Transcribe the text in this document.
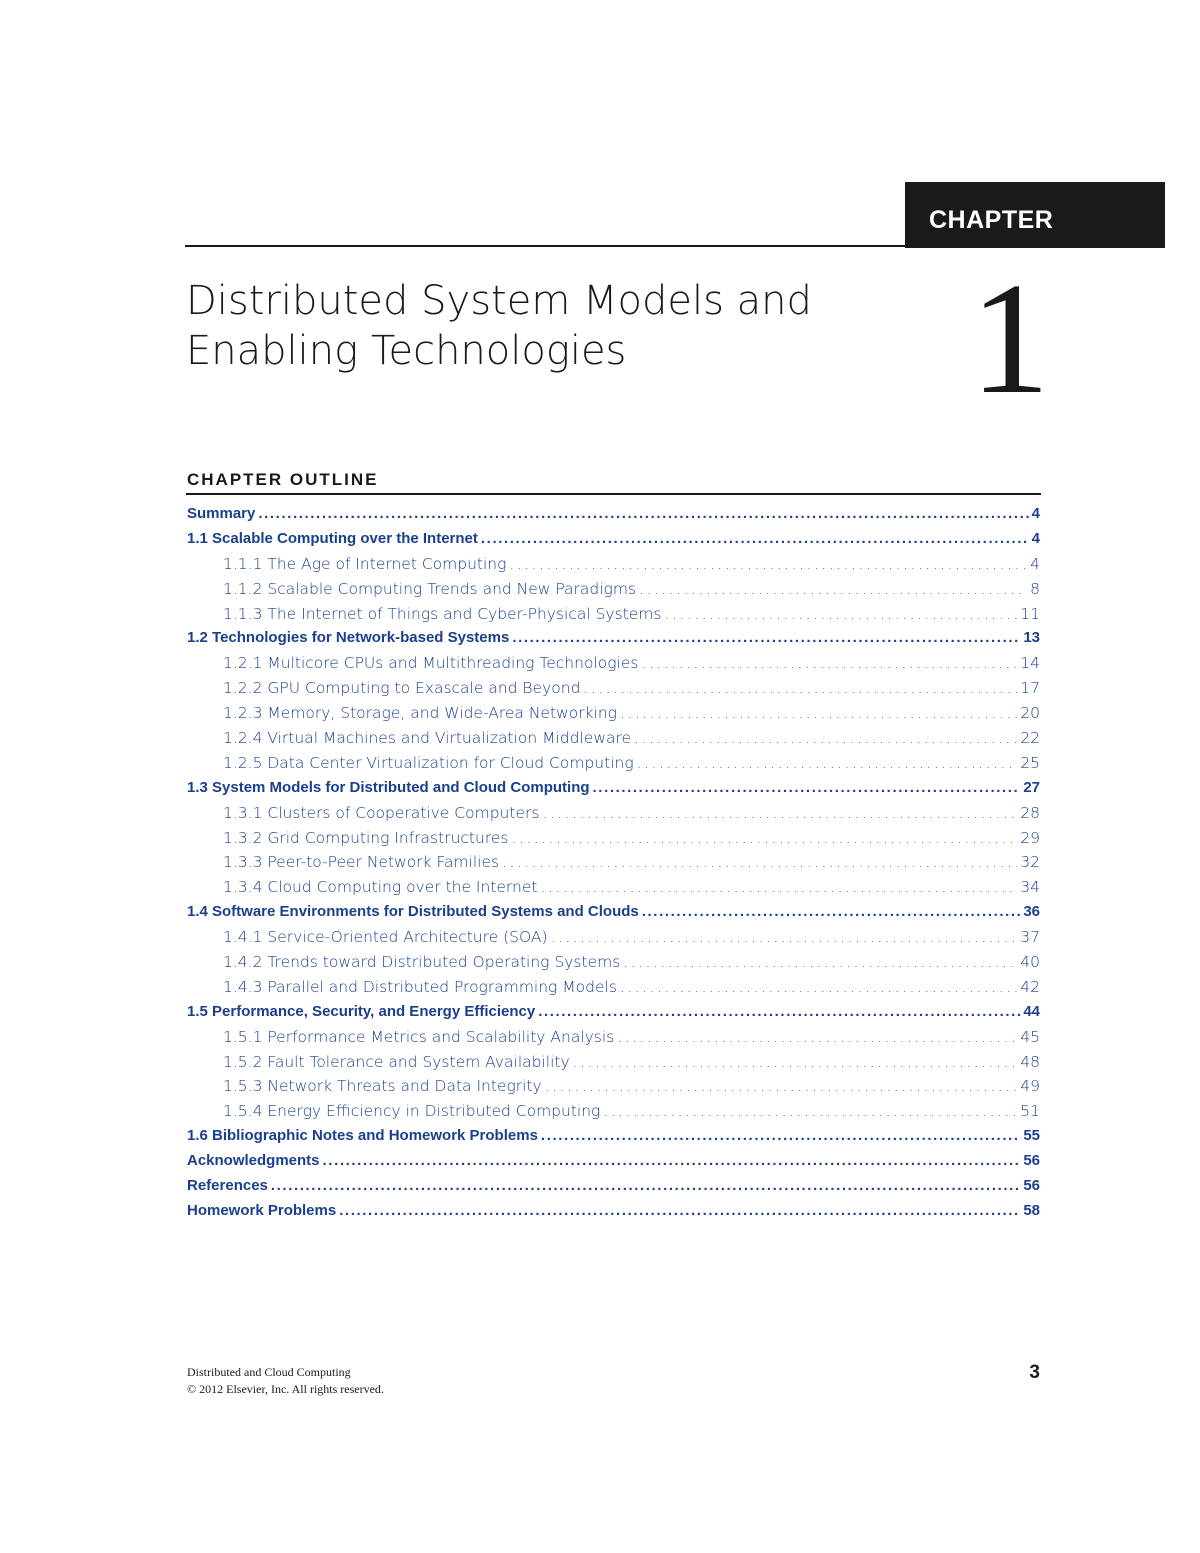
CHAPTER
Distributed System Models and
Enabling Technologies	1
CHAPTER OUTLINE
Summary .....	4
1.1 Scalable Computing over the Internet .....	4
1.1.1 The Age of Internet Computing .....	4
1.1.2 Scalable Computing Trends and New Paradigms .....	8
1.1.3 The Internet of Things and Cyber-Physical Systems .....	11
1.2 Technologies for Network-based Systems .....	13
1.2.1 Multicore CPUs and Multithreading Technologies .....	14
1.2.2 GPU Computing to Exascale and Beyond .....	17
1.2.3 Memory, Storage, and Wide-Area Networking .....	20
1.2.4 Virtual Machines and Virtualization Middleware .....	22
1.2.5 Data Center Virtualization for Cloud Computing .....	25
1.3 System Models for Distributed and Cloud Computing .....	27
1.3.1 Clusters of Cooperative Computers .....	28
1.3.2 Grid Computing Infrastructures .....	29
1.3.3 Peer-to-Peer Network Families .....	32
1.3.4 Cloud Computing over the Internet .....	34
1.4 Software Environments for Distributed Systems and Clouds .....	36
1.4.1 Service-Oriented Architecture (SOA) .....	37
1.4.2 Trends toward Distributed Operating Systems .....	40
1.4.3 Parallel and Distributed Programming Models .....	42
1.5 Performance, Security, and Energy Efficiency .....	44
1.5.1 Performance Metrics and Scalability Analysis .....	45
1.5.2 Fault Tolerance and System Availability .....	48
1.5.3 Network Threats and Data Integrity .....	49
1.5.4 Energy Efficiency in Distributed Computing .....	51
1.6 Bibliographic Notes and Homework Problems .....	55
Acknowledgments .....	56
References .....	56
Homework Problems .....	58
Distributed and Cloud Computing
© 2012 Elsevier, Inc. All rights reserved.
3
